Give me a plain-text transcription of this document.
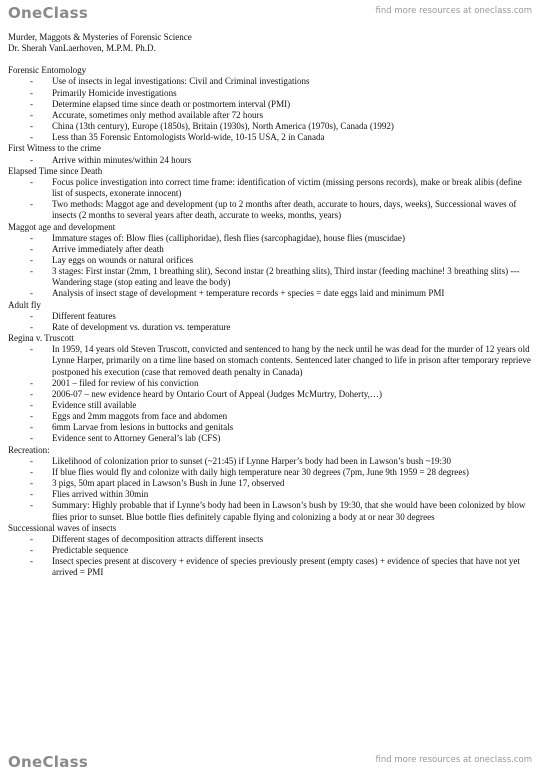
OneClass	find more resources at oneclass.com
Murder, Maggots & Mysteries of Forensic Science
Dr. Sherah VanLaerhoven, M.P.M. Ph.D.
Forensic Entomology
- Use of insects in legal investigations: Civil and Criminal investigations
- Primarily Homicide investigations
- Determine elapsed time since death or postmortem interval (PMI)
- Accurate, sometimes only method available after 72 hours
- China (13th century), Europe (1850s), Britain (1930s), North America (1970s), Canada (1992)
- Less than 35 Forensic Entomologists World-wide, 10-15 USA, 2 in Canada
First Witness to the crime
- Arrive within minutes/within 24 hours
Elapsed Time since Death
- Focus police investigation into correct time frame: identification of victim (missing persons records), make or break alibis (define list of suspects, exonerate innocent)
- Two methods: Maggot age and development (up to 2 months after death, accurate to hours, days, weeks), Successional waves of insects (2 months to several years after death, accurate to weeks, months, years)
Maggot age and development
- Immature stages of: Blow flies (calliphoridae), flesh flies (sarcophagidae), house flies (muscidae)
- Arrive immediately after death
- Lay eggs on wounds or natural orifices
- 3 stages: First instar (2mm, 1 breathing slit), Second instar (2 breathing slits), Third instar (feeding machine! 3 breathing slits) ---Wandering stage (stop eating and leave the body)
- Analysis of insect stage of development + temperature records + species = date eggs laid and minimum PMI
Adult fly
- Different features
- Rate of development vs. duration vs. temperature
Regina v. Truscott
- In 1959, 14 years old Steven Truscott, convicted and sentenced to hang by the neck until he was dead for the murder of 12 years old Lynne Harper, primarily on a time line based on stomach contents. Sentenced later changed to life in prison after temporary reprieve postponed his execution (case that removed death penalty in Canada)
- 2001 – filed for review of his conviction
- 2006-07 – new evidence heard by Ontario Court of Appeal (Judges McMurtry, Doherty,…)
- Evidence still available
- Eggs and 2mm maggots from face and abdomen
- 6mm Larvae from lesions in buttocks and genitals
- Evidence sent to Attorney General’s lab (CFS)
Recreation:
- Likelihood of colonization prior to sunset (~21:45) if Lynne Harper’s body had been in Lawson’s bush ~19:30
- If blue flies would fly and colonize with daily high temperature near 30 degrees (7pm, June 9th 1959 = 28 degrees)
- 3 pigs, 50m apart placed in Lawson’s Bush in June 17, observed
- Flies arrived within 30min
- Summary: Highly probable that if Lynne’s body had been in Lawson’s bush by 19:30, that she would have been colonized by blow flies prior to sunset. Blue bottle flies definitely capable flying and colonizing a body at or near 30 degrees
Successional waves of insects
- Different stages of decomposition attracts different insects
- Predictable sequence
- Insect species present at discovery + evidence of species previously present (empty cases) + evidence of species that have not yet arrived = PMI
OneClass	find more resources at oneclass.com
